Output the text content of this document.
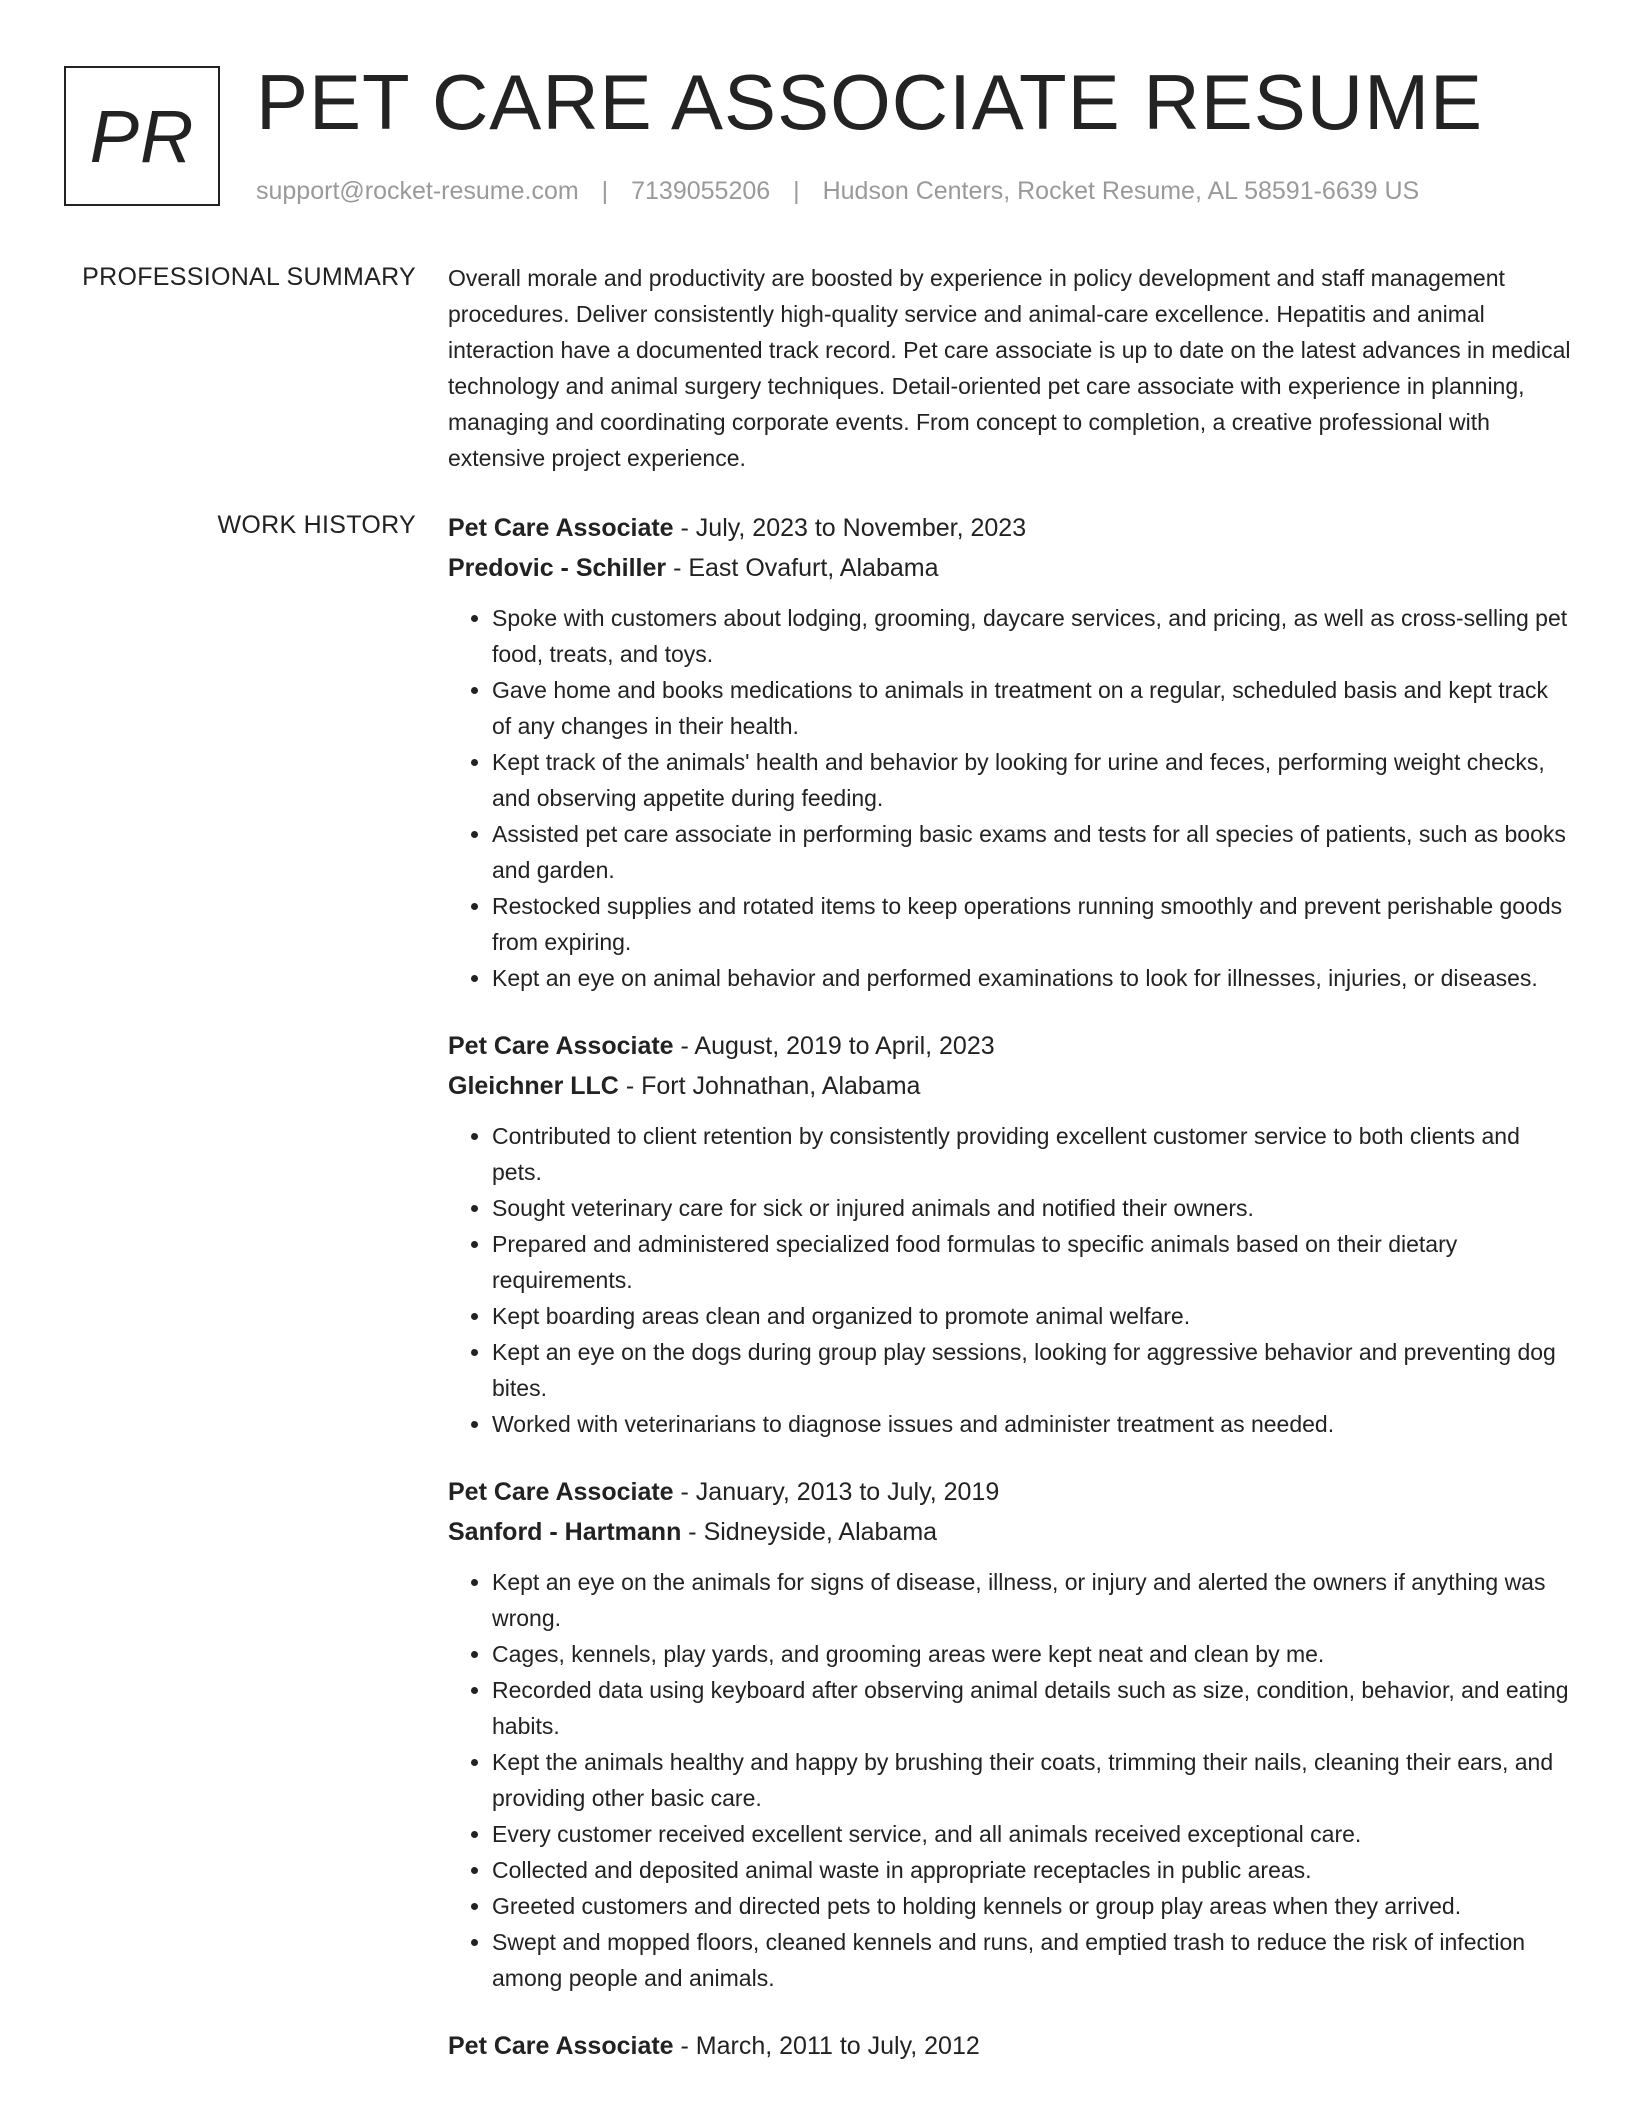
PR PET CARE ASSOCIATE RESUME
support@rocket-resume.com | 7139055206 | Hudson Centers, Rocket Resume, AL 58591-6639 US
PROFESSIONAL SUMMARY Overall morale and productivity are boosted by experience in policy development and staff management procedures. Deliver consistently high-quality service and animal-care excellence. Hepatitis and animal interaction have a documented track record. Pet care associate is up to date on the latest advances in medical technology and animal surgery techniques. Detail-oriented pet care associate with experience in planning, managing and coordinating corporate events. From concept to completion, a creative professional with extensive project experience.

WORK HISTORY Pet Care Associate - July, 2023 to November, 2023
Predovic - Schiller - East Ovafurt, Alabama
• Spoke with customers about lodging, grooming, daycare services, and pricing, as well as cross-selling pet food, treats, and toys.
• Gave home and books medications to animals in treatment on a regular, scheduled basis and kept track of any changes in their health.
• Kept track of the animals' health and behavior by looking for urine and feces, performing weight checks, and observing appetite during feeding.
• Assisted pet care associate in performing basic exams and tests for all species of patients, such as books and garden.
• Restocked supplies and rotated items to keep operations running smoothly and prevent perishable goods from expiring.
• Kept an eye on animal behavior and performed examinations to look for illnesses, injuries, or diseases.
Pet Care Associate - August, 2019 to April, 2023
Gleichner LLC - Fort Johnathan, Alabama
• Contributed to client retention by consistently providing excellent customer service to both clients and pets.
• Sought veterinary care for sick or injured animals and notified their owners.
• Prepared and administered specialized food formulas to specific animals based on their dietary requirements.
• Kept boarding areas clean and organized to promote animal welfare.
• Kept an eye on the dogs during group play sessions, looking for aggressive behavior and preventing dog bites.
• Worked with veterinarians to diagnose issues and administer treatment as needed.
Pet Care Associate - January, 2013 to July, 2019
Sanford - Hartmann - Sidneyside, Alabama
• Kept an eye on the animals for signs of disease, illness, or injury and alerted the owners if anything was wrong.
• Cages, kennels, play yards, and grooming areas were kept neat and clean by me.
• Recorded data using keyboard after observing animal details such as size, condition, behavior, and eating habits.
• Kept the animals healthy and happy by brushing their coats, trimming their nails, cleaning their ears, and providing other basic care.
• Every customer received excellent service, and all animals received exceptional care.
• Collected and deposited animal waste in appropriate receptacles in public areas.
• Greeted customers and directed pets to holding kennels or group play areas when they arrived.
• Swept and mopped floors, cleaned kennels and runs, and emptied trash to reduce the risk of infection among people and animals.
Pet Care Associate - March, 2011 to July, 2012
